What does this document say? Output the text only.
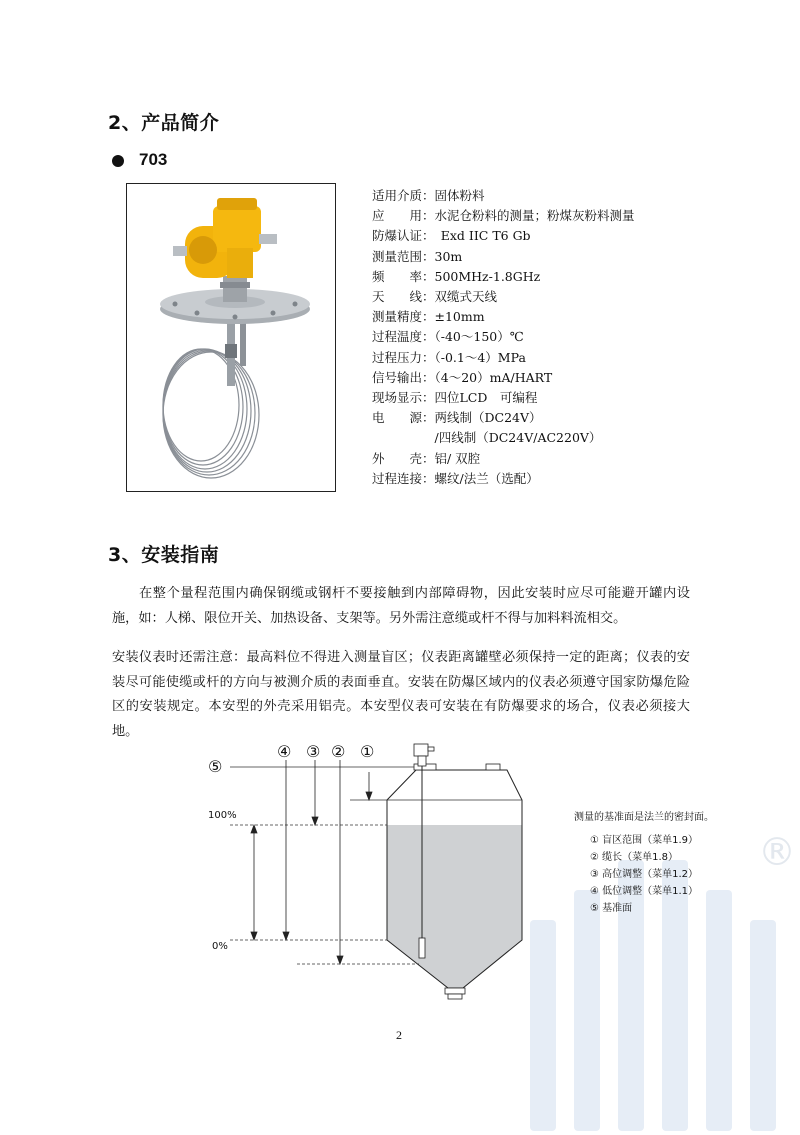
®
2、产品简介
703
适用介质：固体粉料
应　　用：水泥仓粉料的测量；粉煤灰粉料测量
防爆认证：　Exd IIC T6 Gb
测量范围：30m
频　　率：500MHz-1.8GHz
天　　线：双缆式天线
测量精度：±10mm
过程温度：（-40～150）℃
过程压力：（-0.1～4）MPa
信号输出：（4～20）mA/HART
现场显示：四位LCD　可编程
电　　源：两线制（DC24V）
　　　　　/四线制（DC24V/AC220V）
外　　壳：铝/ 双腔
过程连接：螺纹/法兰（选配）
3、安装指南
在整个量程范围内确保钢缆或钢杆不要接触到内部障碍物，因此安装时应尽可能避开罐内设施，如：人梯、限位开关、加热设备、支架等。另外需注意缆或杆不得与加料料流相交。
安装仪表时还需注意：最高料位不得进入测量盲区；仪表距离罐壁必须保持一定的距离；仪表的安装尽可能使缆或杆的方向与被测介质的表面垂直。安装在防爆区域内的仪表必须遵守国家防爆危险区的安装规定。本安型的外壳采用铝壳。本安型仪表可安装在有防爆要求的场合，仪表必须接大地。
④ ③ ② ①
⑤
100%
0%
测量的基准面是法兰的密封面。
① 盲区范围（菜单1.9）
② 缆长（菜单1.8）
③ 高位调整（菜单1.2）
④ 低位调整（菜单1.1）
⑤ 基准面
2
